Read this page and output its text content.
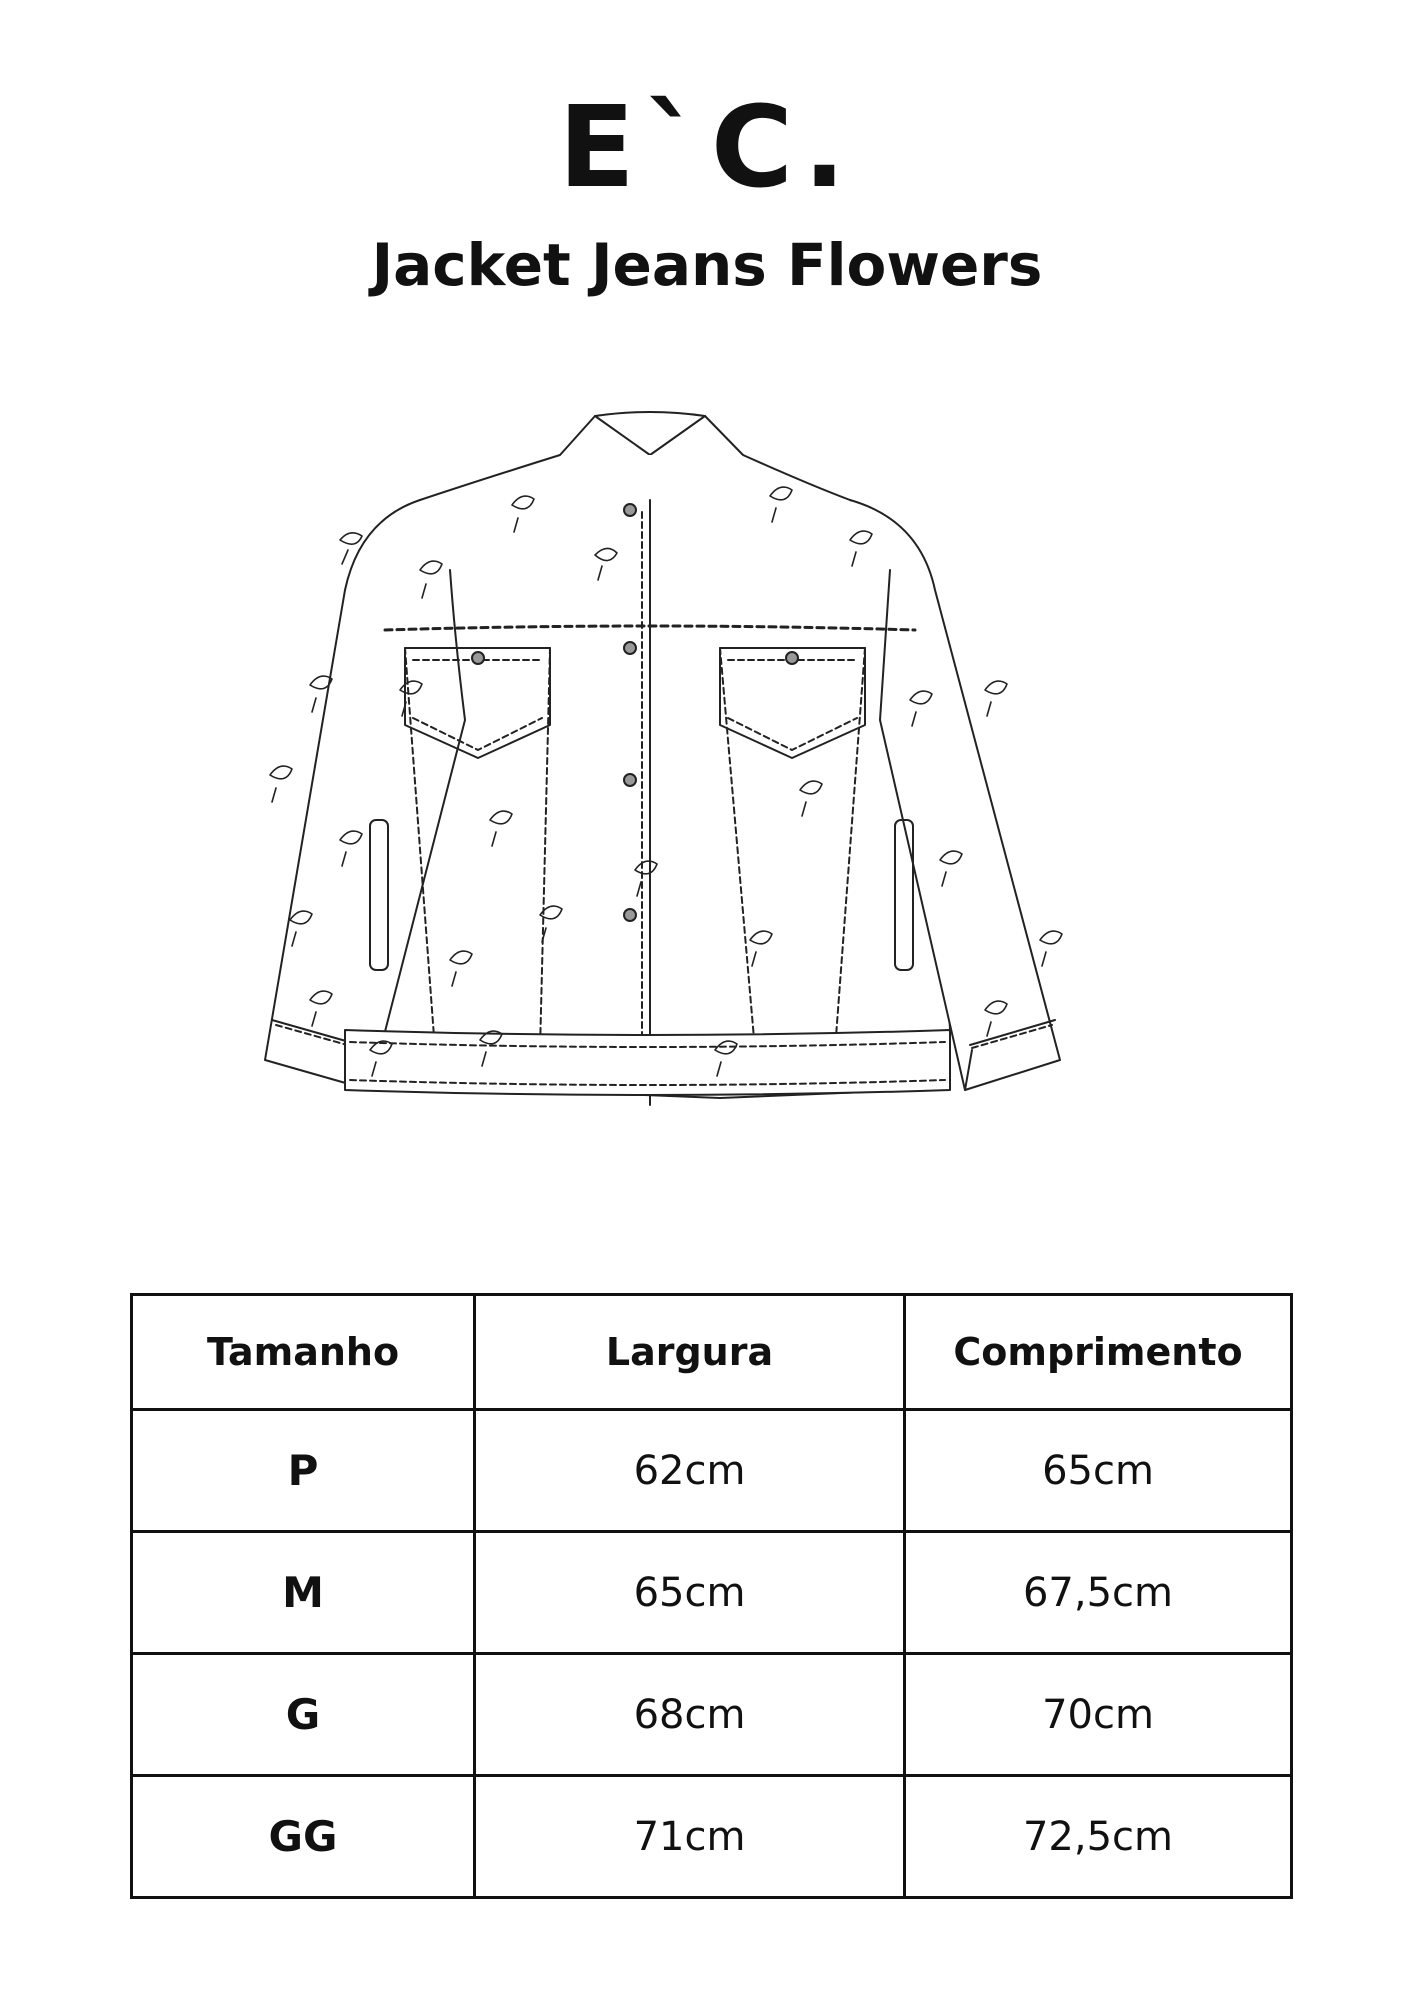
E`C.
Jacket Jeans Flowers
Tamanho	Largura	Comprimento
P	62cm	65cm
M	65cm	67,5cm
G	68cm	70cm
GG	71cm	72,5cm
